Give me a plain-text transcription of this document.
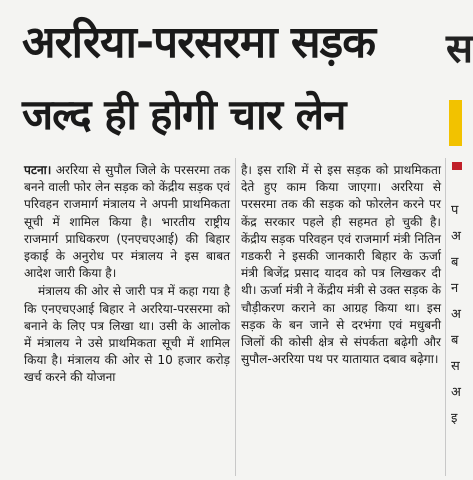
अररिया-परसरमा सड़क
जल्द ही होगी चार लेन
स
प
अ
ब
न
अ
ब
स
अ
इ

पटना। अररिया से सुपौल जिले के परसरमा तक बनने वाली फोर लेन सड़क को केंद्रीय सड़क एवं परिवहन राजमार्ग मंत्रालय ने अपनी प्राथमिकता सूची में शामिल किया है। भारतीय राष्ट्रीय राजमार्ग प्राधिकरण (एनएचएआई) की बिहार इकाई के अनुरोध पर मंत्रालय ने इस बाबत आदेश जारी किया है।

मंत्रालय की ओर से जारी पत्र में कहा गया है कि एनएचएआई बिहार ने अररिया-परसरमा को बनाने के लिए पत्र लिखा था। उसी के आलोक में मंत्रालय ने उसे प्राथमिकता सूची में शामिल किया है। मंत्रालय की ओर से 10 हजार करोड़ खर्च करने की योजना

है। इस राशि में से इस सड़क को प्राथमिकता देते हुए काम किया जाएगा। अररिया से परसरमा तक की सड़क को फोरलेन करने पर केंद्र सरकार पहले ही सहमत हो चुकी है। केंद्रीय सड़क परिवहन एवं राजमार्ग मंत्री नितिन गडकरी ने इसकी जानकारी बिहार के ऊर्जा मंत्री बिजेंद्र प्रसाद यादव को पत्र लिखकर दी थी। ऊर्जा मंत्री ने केंद्रीय मंत्री से उक्त सड़क के चौड़ीकरण कराने का आग्रह किया था। इस सड़क के बन जाने से दरभंगा एवं मधुबनी जिलों की कोसी क्षेत्र से संपर्कता बढ़ेगी और सुपौल-अररिया पथ पर यातायात दबाव बढ़ेगा।
